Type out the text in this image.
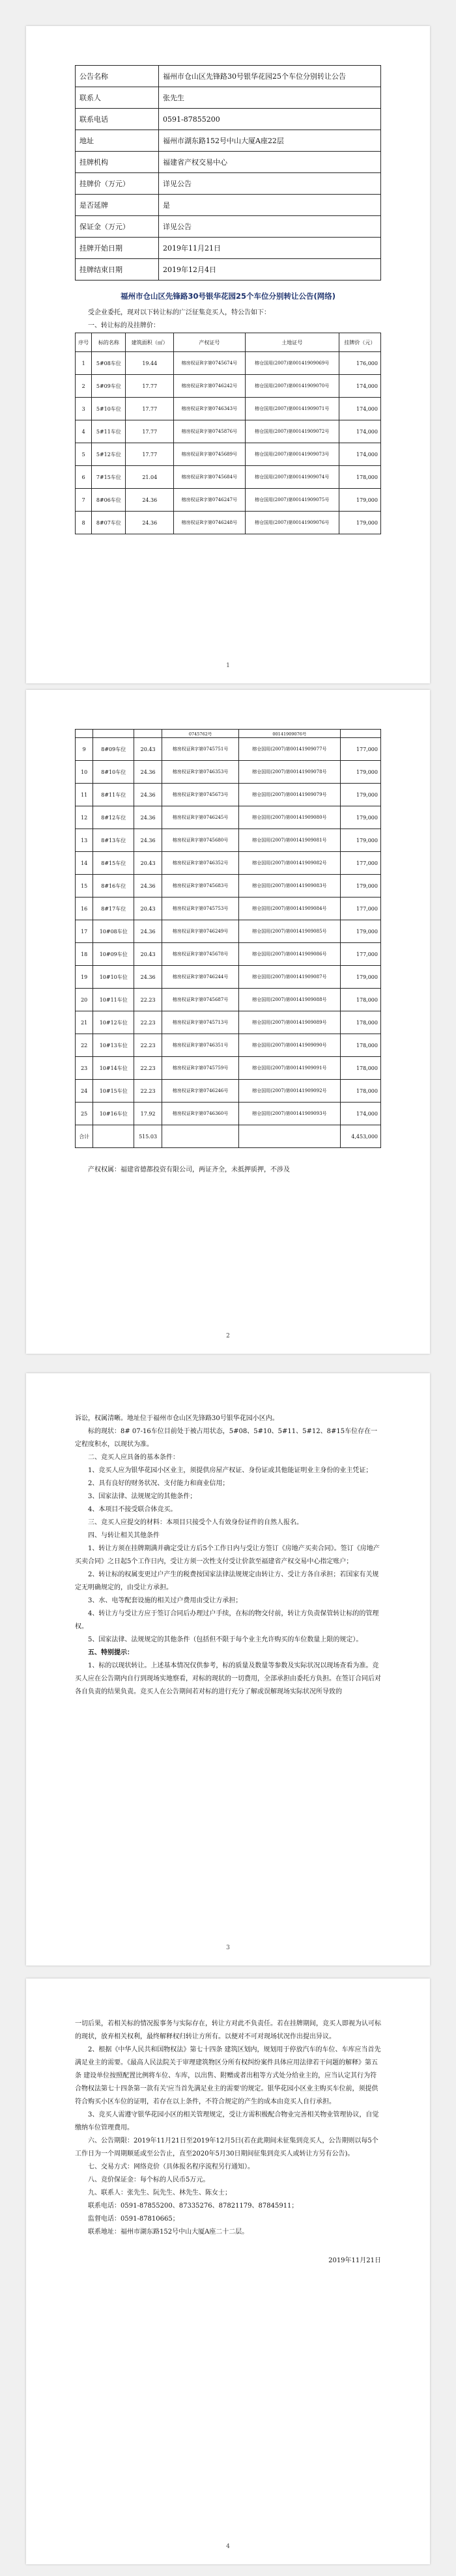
公告名称	福州市仓山区先锋路30号银华花园25个车位分别转让公告
联系人	张先生
联系电话	0591-87855200
地址	福州市湖东路152号中山大厦A座22层
挂牌机构	福建省产权交易中心
挂牌价（万元）	详见公告
是否延牌	是
保证金（万元）	详见公告
挂牌开始日期	2019年11月21日
挂牌结束日期	2019年12月4日
福州市仓山区先锋路30号银华花园25个车位分别转让公告(网络)

受企业委托，现对以下转让标的广泛征集竞买人，特公告如下：

一、转让标的及挂牌价：

序号	标的名称	建筑面积（㎡）	产权证号	土地证号	挂牌价（元）
1	5#08车位	19.44	榕房权证R字第0745674号	榕仓国用(2007)第00141909069号	176,000
2	5#09车位	17.77	榕房权证R字第0746242号	榕仓国用(2007)第00141909070号	174,000
3	5#10车位	17.77	榕房权证R字第0746343号	榕仓国用(2007)第00141909071号	174,000
4	5#11车位	17.77	榕房权证R字第0745876号	榕仓国用(2007)第00141909072号	174,000
5	5#12车位	17.77	榕房权证R字第0745689号	榕仓国用(2007)第00141909073号	174,000
6	7#15车位	21.04	榕房权证R字第0745684号	榕仓国用(2007)第00141909074号	178,000
7	8#06车位	24.36	榕房权证R字第0746247号	榕仓国用(2007)第00141909075号	179,000
8	8#07车位	24.36	榕房权证R字第0746248号	榕仓国用(2007)第00141909076号	179,000
1
			0745762号	00141909076号	
9	8#09车位	20.43	榕房权证R字第0745751号	榕仓国用(2007)第00141909077号	177,000
10	8#10车位	24.36	榕房权证R字第0746353号	榕仓国用(2007)第00141909078号	179,000
11	8#11车位	24.36	榕房权证R字第0745673号	榕仓国用(2007)第00141909079号	179,000
12	8#12车位	24.36	榕房权证R字第0746245号	榕仓国用(2007)第00141909080号	179,000
13	8#13车位	24.36	榕房权证R字第0745680号	榕仓国用(2007)第00141909081号	179,000
14	8#15车位	20.43	榕房权证R字第0746352号	榕仓国用(2007)第00141909082号	177,000
15	8#16车位	24.36	榕房权证R字第0745683号	榕仓国用(2007)第00141909083号	179,000
16	8#17车位	20.43	榕房权证R字第0745753号	榕仓国用(2007)第00141909084号	177,000
17	10#08车位	24.36	榕房权证R字第0746249号	榕仓国用(2007)第00141909085号	179,000
18	10#09车位	20.43	榕房权证R字第0745678号	榕仓国用(2007)第00141909086号	177,000
19	10#10车位	24.36	榕房权证R字第0746244号	榕仓国用(2007)第00141909087号	179,000
20	10#11车位	22.23	榕房权证R字第0745687号	榕仓国用(2007)第00141909088号	178,000
21	10#12车位	22.23	榕房权证R字第0745713号	榕仓国用(2007)第00141909089号	178,000
22	10#13车位	22.23	榕房权证R字第0746351号	榕仓国用(2007)第00141909090号	178,000
23	10#14车位	22.23	榕房权证R字第0745759号	榕仓国用(2007)第00141909091号	178,000
24	10#15车位	22.23	榕房权证R字第0746246号	榕仓国用(2007)第00141909092号	178,000
25	10#16车位	17.92	榕房权证R字第0746360号	榕仓国用(2007)第00141909093号	174,000
合计		515.03			4,453,000

产权权属：福建省德都投资有限公司，两证齐全，未抵押质押，不涉及

2

诉讼，权属清晰。地址位于福州市仓山区先锋路30号银华花园小区内。

标的现状：8# 07-16车位目前处于被占用状态，5#08、5#10、5#11、5#12、8#15车位存在一定程度积水，以现状为准。

二、竞买人应具备的基本条件：

1、竞买人应为银华花园小区业主，须提供房屋产权证、身份证或其他能证明业主身份的业主凭证；

2、具有良好的财务状况、支付能力和商业信用；

3、国家法律、法规规定的其他条件；

4、本项目不接受联合体竞买。

三、竞买人应提交的材料：本项目只接受个人有效身份证件的自然人报名。

四、与转让相关其他条件

1、转让方须在挂牌期满并确定受让方后5个工作日内与受让方签订《房地产买卖合同》。签订《房地产买卖合同》之日起5个工作日内，受让方须一次性支付受让价款至福建省产权交易中心指定账户；

2、转让标的权属变更过户产生的税费按国家法律法规规定由转让方、受让方各自承担；若国家有关规定无明确规定的，由受让方承担。

3、水、电等配套设施的相关过户费用由受让方承担；

4、转让方与受让方应于签订合同后办理过户手续，在标的物交付前，转让方负责保管转让标的的管理权。

5、国家法律、法规规定的其他条件（包括但不限于每个业主允许购买的车位数量上限的规定）。

五、特别提示：

1、标的以现状转让。上述基本情况仅供参考，标的质量及数量等参数及实际状况以现场查看为准。竞买人应在公告期内自行到现场实地察看，对标的现状的一切费用，全部承担由委托方负担。在签订合同后对各自负责的结果负责。竞买人在公告期间若对标的进行充分了解或误解现场实际状况所导致的

3

一切后果，若相关标的情况报事务与实际存在，转让方对此不负责任。若在挂牌期间，竞买人即视为认可标的现状，放弃相关权利，最终解释权归转让方所有。以便对不可对现场状况作出提出异议。

2、根据《中华人民共和国物权法》第七十四条 建筑区划内，规划用于停放汽车的车位、车库应当首先满足业主的需要。《最高人民法院关于审理建筑物区分所有权纠纷案件具体应用法律若干问题的解释》第五条 建设单位按照配置比例将车位、车库，以出售、附赠或者出租等方式处分给业主的，应当认定其行为符合物权法第七十四条第一款有关'应当首先满足业主的需要'的规定。银华花园小区业主购买车位前，须提供符合购买小区车位的证明，若存在以上条件，不符合规定的产生的成本由竞买人自行承担。

3、竞买人需遵守银华花园小区的相关管理规定，受让方需积极配合物业完善相关物业管理协议，自觉缴纳车位管理费用。

六、公告期限：2019年11月21日至2019年12月5日(若在此期间未征集到竞买人，公告期则以每5个工作日为一个周期顺延或至公告止，直至2020年5月30日期间征集到竞买人或转让方另有公告)。

七、交易方式：网络竞价（具体报名程序流程另行通知）。

八、竞价保证金：每个标的人民币5万元。

九、联系人：张先生、阮先生、林先生、陈女士；

联系电话：0591-87855200、87335276、87821179、87845911；

监督电话：0591-87810665；

联系地址：福州市湖东路152号中山大厦A座二十二层。

2019年11月21日
4
